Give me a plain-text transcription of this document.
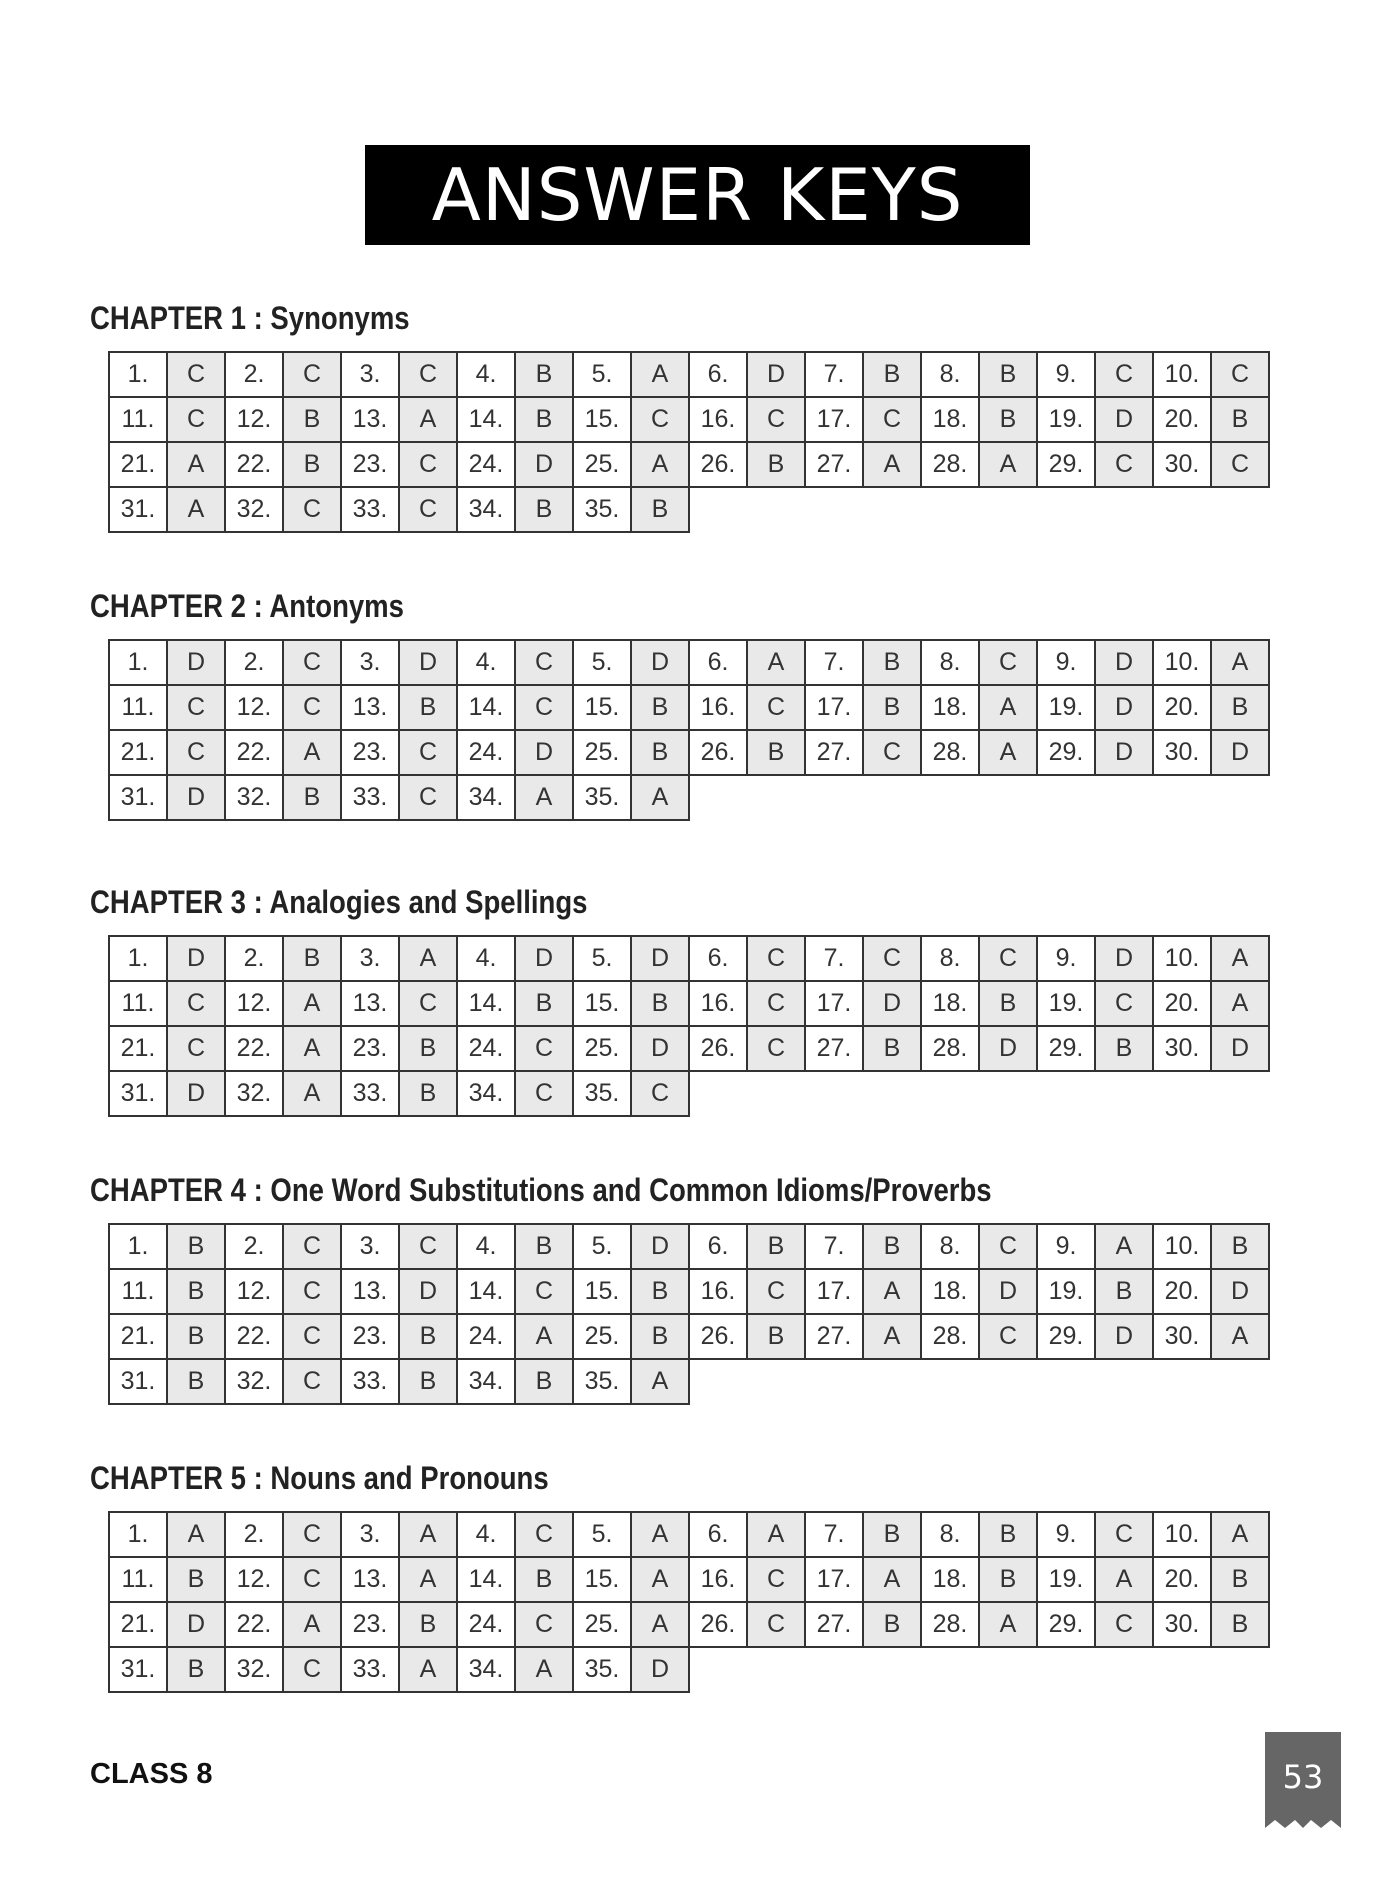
ANSWER KEYS
CHAPTER 1 : Synonyms
1.	C	2.	C	3.	C	4.	B	5.	A	6.	D	7.	B	8.	B	9.	C	10.	C
11.	C	12.	B	13.	A	14.	B	15.	C	16.	C	17.	C	18.	B	19.	D	20.	B
21.	A	22.	B	23.	C	24.	D	25.	A	26.	B	27.	A	28.	A	29.	C	30.	C
31.	A	32.	C	33.	C	34.	B	35.	B										
CHAPTER 2 : Antonyms
1.	D	2.	C	3.	D	4.	C	5.	D	6.	A	7.	B	8.	C	9.	D	10.	A
11.	C	12.	C	13.	B	14.	C	15.	B	16.	C	17.	B	18.	A	19.	D	20.	B
21.	C	22.	A	23.	C	24.	D	25.	B	26.	B	27.	C	28.	A	29.	D	30.	D
31.	D	32.	B	33.	C	34.	A	35.	A										
CHAPTER 3 : Analogies and Spellings
1.	D	2.	B	3.	A	4.	D	5.	D	6.	C	7.	C	8.	C	9.	D	10.	A
11.	C	12.	A	13.	C	14.	B	15.	B	16.	C	17.	D	18.	B	19.	C	20.	A
21.	C	22.	A	23.	B	24.	C	25.	D	26.	C	27.	B	28.	D	29.	B	30.	D
31.	D	32.	A	33.	B	34.	C	35.	C										
CHAPTER 4 : One Word Substitutions and Common Idioms/Proverbs
1.	B	2.	C	3.	C	4.	B	5.	D	6.	B	7.	B	8.	C	9.	A	10.	B
11.	B	12.	C	13.	D	14.	C	15.	B	16.	C	17.	A	18.	D	19.	B	20.	D
21.	B	22.	C	23.	B	24.	A	25.	B	26.	B	27.	A	28.	C	29.	D	30.	A
31.	B	32.	C	33.	B	34.	B	35.	A										
CHAPTER 5 : Nouns and Pronouns
1.	A	2.	C	3.	A	4.	C	5.	A	6.	A	7.	B	8.	B	9.	C	10.	A
11.	B	12.	C	13.	A	14.	B	15.	A	16.	C	17.	A	18.	B	19.	A	20.	B
21.	D	22.	A	23.	B	24.	C	25.	A	26.	C	27.	B	28.	A	29.	C	30.	B
31.	B	32.	C	33.	A	34.	A	35.	D										
CLASS 8	53
